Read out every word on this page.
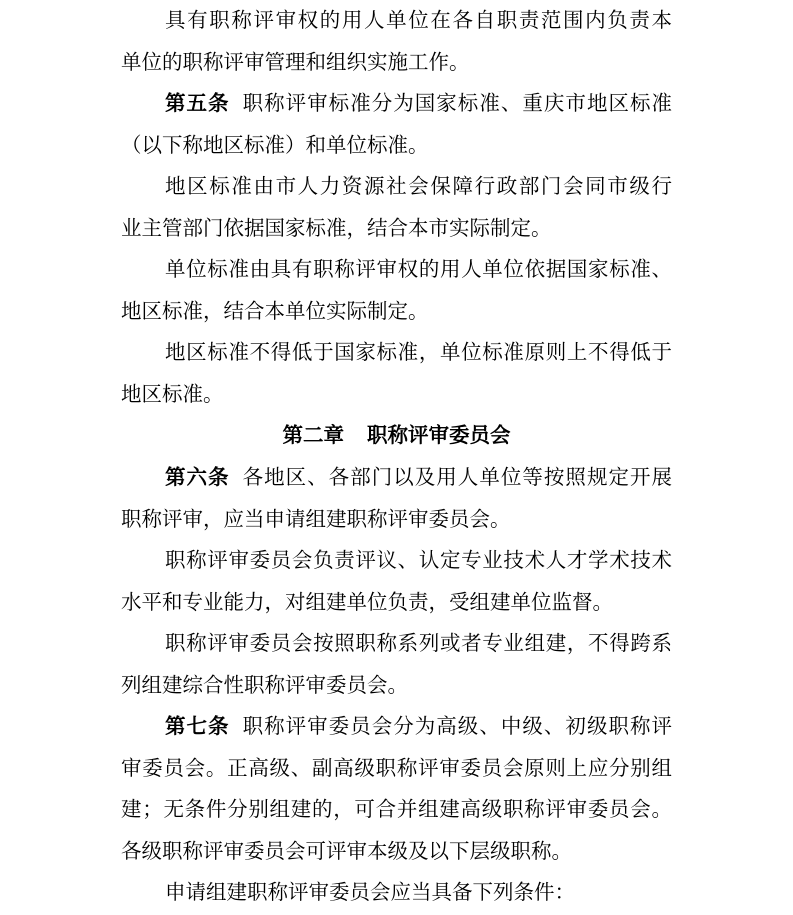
具有职称评审权的用人单位在各自职责范围内负责本
单位的职称评审管理和组织实施工作。
第五条 职称评审标准分为国家标准、重庆市地区标准
（以下称地区标准）和单位标准。
地区标准由市人力资源社会保障行政部门会同市级行
业主管部门依据国家标准，结合本市实际制定。
单位标准由具有职称评审权的用人单位依据国家标准、
地区标准，结合本单位实际制定。
地区标准不得低于国家标准，单位标准原则上不得低于
地区标准。
第二章 职称评审委员会
第六条 各地区、各部门以及用人单位等按照规定开展
职称评审，应当申请组建职称评审委员会。
职称评审委员会负责评议、认定专业技术人才学术技术
水平和专业能力，对组建单位负责，受组建单位监督。
职称评审委员会按照职称系列或者专业组建，不得跨系
列组建综合性职称评审委员会。
第七条 职称评审委员会分为高级、中级、初级职称评
审委员会。正高级、副高级职称评审委员会原则上应分别组
建；无条件分别组建的，可合并组建高级职称评审委员会。
各级职称评审委员会可评审本级及以下层级职称。
申请组建职称评审委员会应当具备下列条件：
